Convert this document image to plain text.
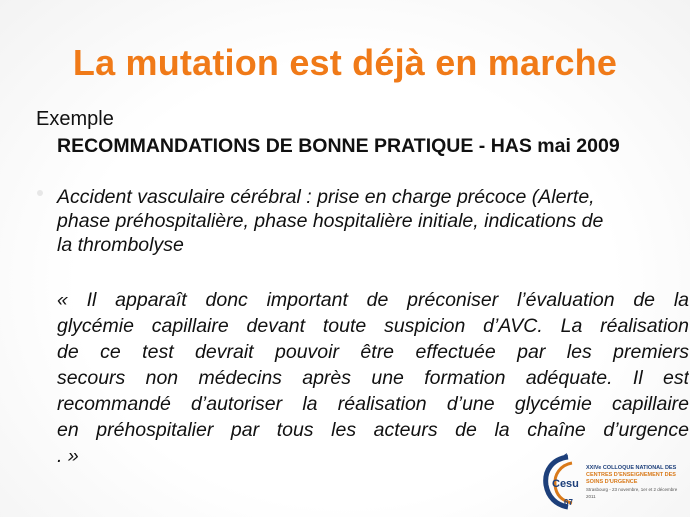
La mutation est déjà en marche
Exemple
RECOMMANDATIONS DE BONNE PRATIQUE - HAS mai 2009
Accident vasculaire cérébral : prise en charge précoce (Alerte,
phase préhospitalière, phase hospitalière initiale, indications de
la thrombolyse
« Il apparaît donc important de préconiser l’évaluation de la
glycémie capillaire devant toute suspicion d’AVC. La réalisation
de ce test devrait pouvoir être effectuée par les premiers
secours non médecins après une formation adéquate. Il est
recommandé d’autoriser la réalisation d’une glycémie capillaire
en préhospitalier par tous les acteurs de la chaîne d’urgence
. »
Cesu
67
XXIVe COLLOQUE NATIONAL DES
CENTRES D'ENSEIGNEMENT DES SOINS D'URGENCE
Strasbourg - 23 novembre, 1er et 2 décembre 2011
